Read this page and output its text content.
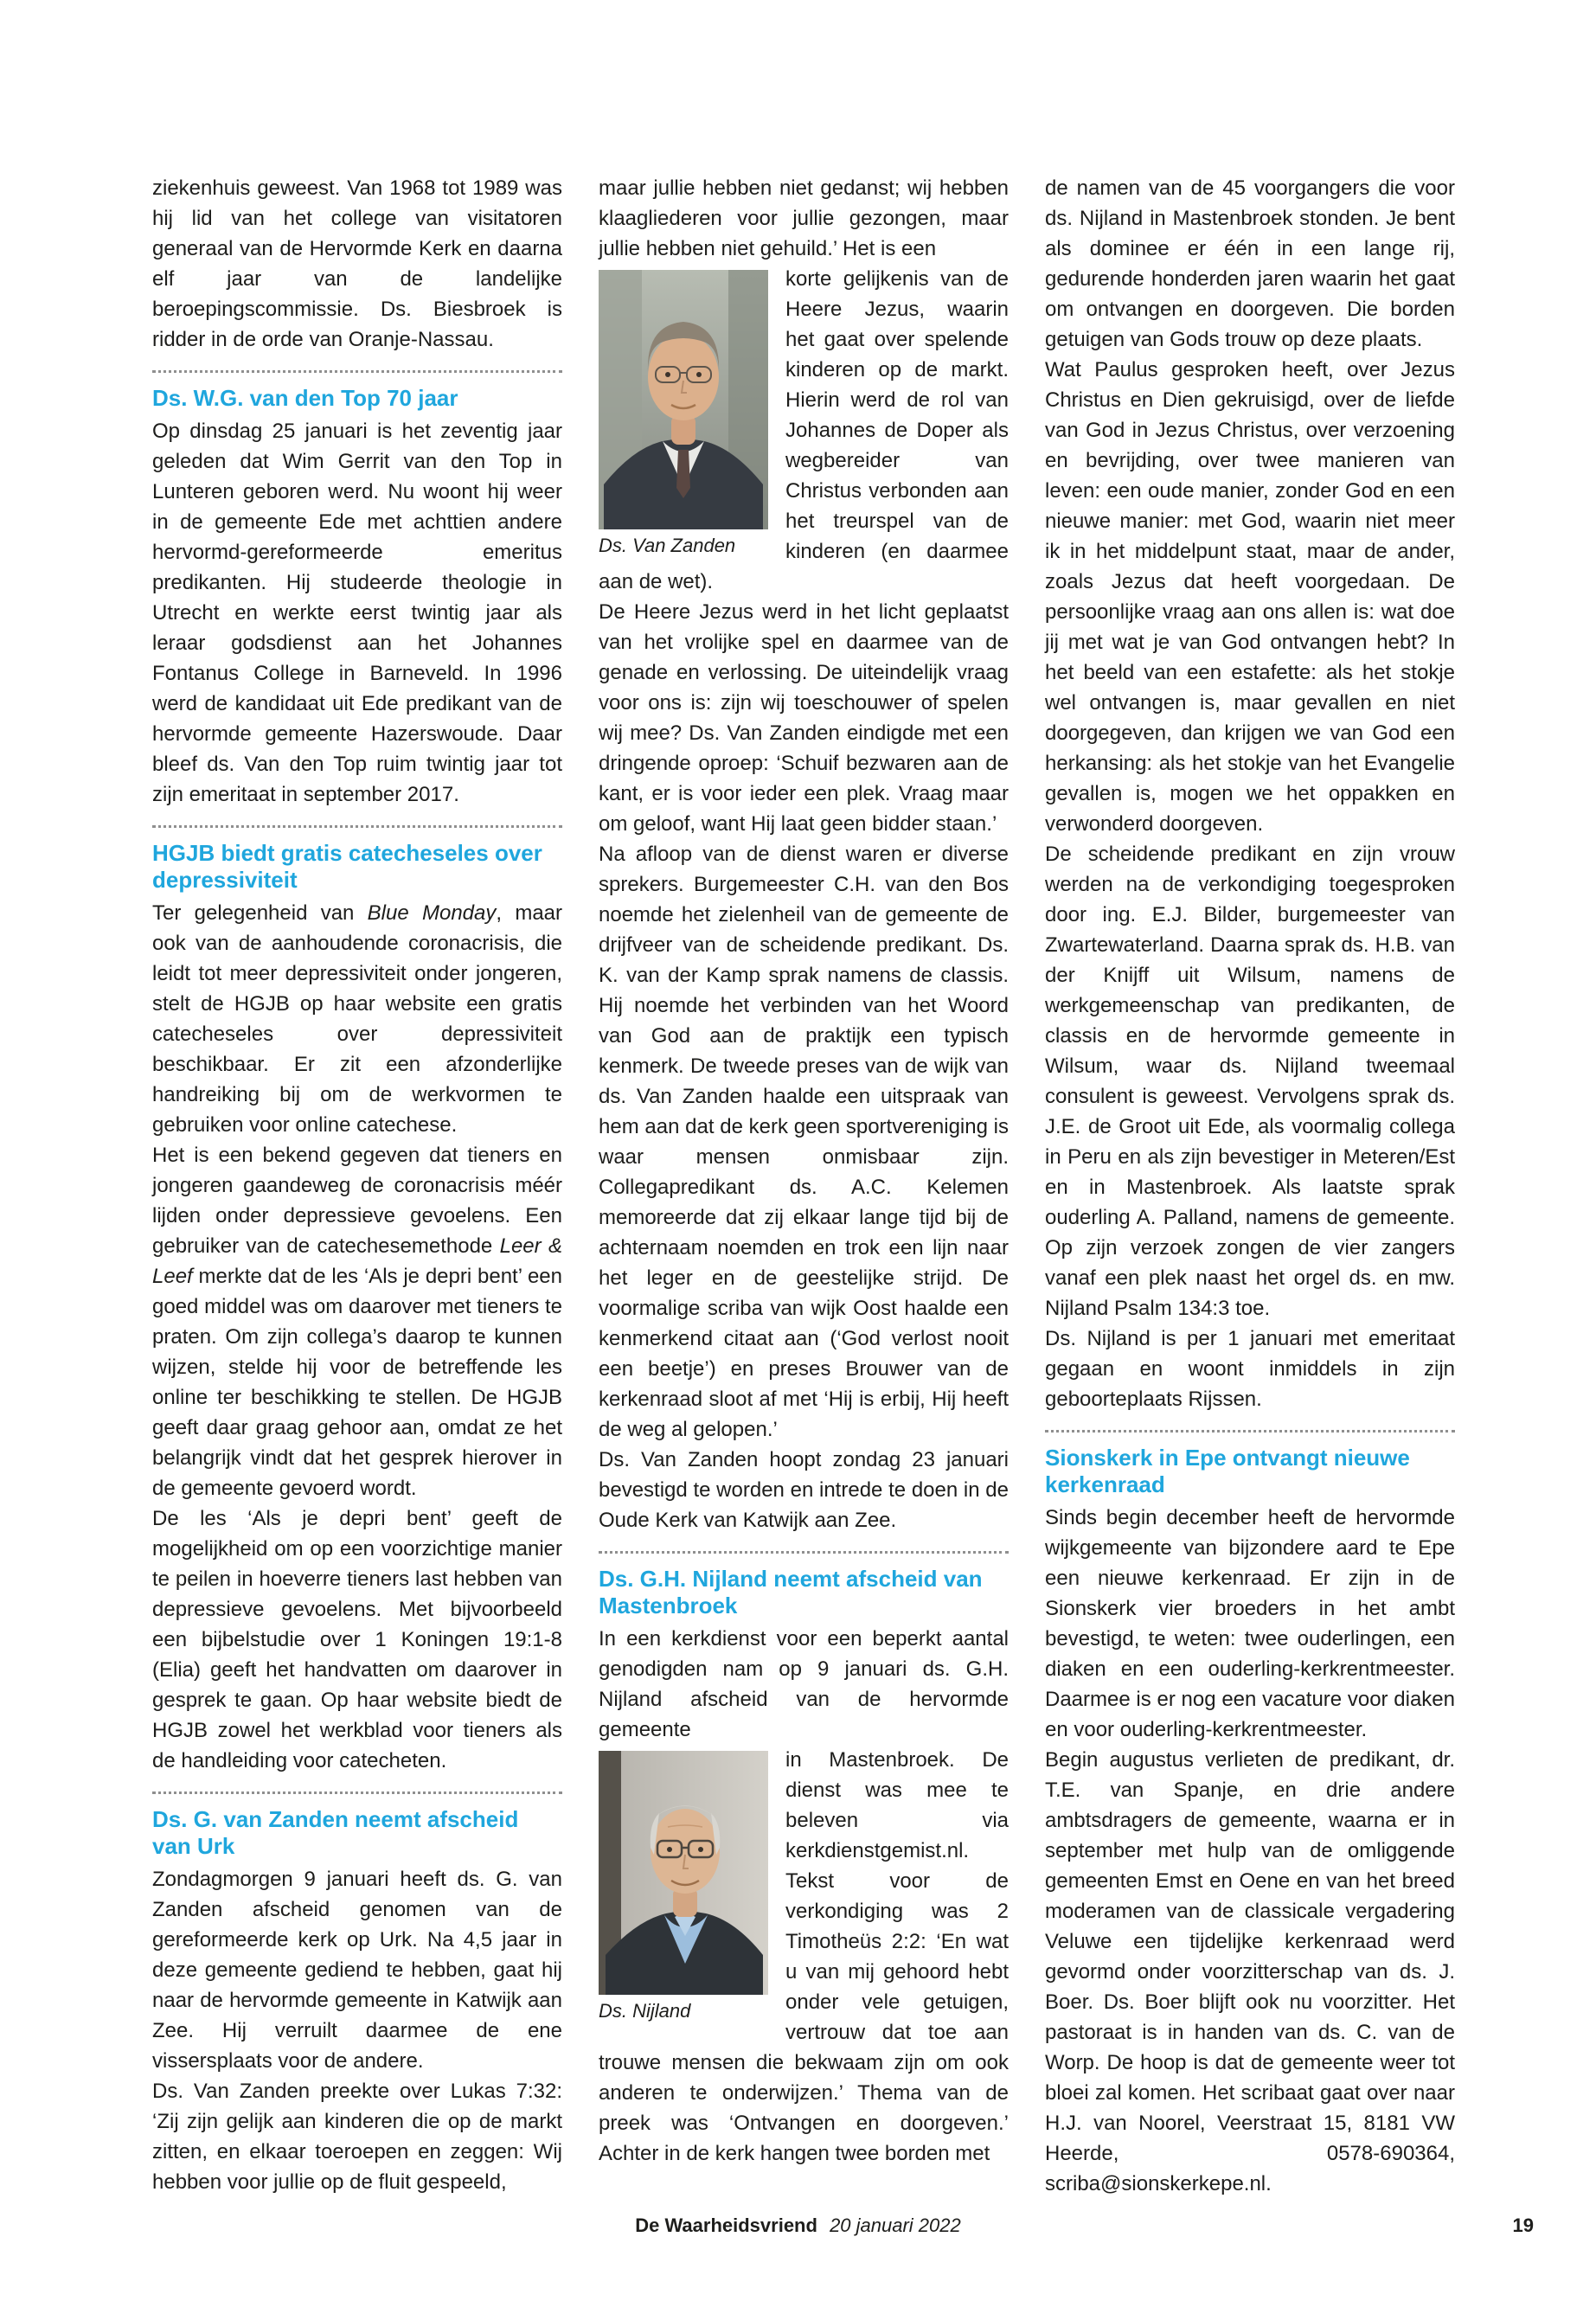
ziekenhuis geweest. Van 1968 tot 1989 was hij lid van het college van visitatoren generaal van de Hervormde Kerk en daarna elf jaar van de landelijke beroepingscommissie. Ds. Biesbroek is ridder in de orde van Oranje-Nassau.

Ds. W.G. van den Top 70 jaar

Op dinsdag 25 januari is het zeventig jaar geleden dat Wim Gerrit van den Top in Lunteren geboren werd. Nu woont hij weer in de gemeente Ede met achttien andere hervormd-gereformeerde emeritus predikanten. Hij studeerde theologie in Utrecht en werkte eerst twintig jaar als leraar godsdienst aan het Johannes Fontanus College in Barneveld. In 1996 werd de kandidaat uit Ede predikant van de hervormde gemeente Hazerswoude. Daar bleef ds. Van den Top ruim twintig jaar tot zijn emeritaat in september 2017.

HGJB biedt gratis catecheseles over depressiviteit

Ter gelegenheid van Blue Monday, maar ook van de aanhoudende coronacrisis, die leidt tot meer depressiviteit onder jongeren, stelt de HGJB op haar website een gratis catecheseles over depressiviteit beschikbaar. Er zit een afzonderlijke handreiking bij om de werkvormen te gebruiken voor online catechese.

Het is een bekend gegeven dat tieners en jongeren gaandeweg de coronacrisis méér lijden onder depressieve gevoelens. Een gebruiker van de catechesemethode Leer & Leef merkte dat de les ‘Als je depri bent’ een goed middel was om daarover met tieners te praten. Om zijn collega’s daarop te kunnen wijzen, stelde hij voor de betreffende les online ter beschikking te stellen. De HGJB geeft daar graag gehoor aan, omdat ze het belangrijk vindt dat het gesprek hierover in de gemeente gevoerd wordt.

De les ‘Als je depri bent’ geeft de mogelijkheid om op een voorzichtige manier te peilen in hoeverre tieners last hebben van depressieve gevoelens. Met bijvoorbeeld een bijbelstudie over 1 Koningen 19:1-8 (Elia) geeft het handvatten om daarover in gesprek te gaan. Op haar website biedt de HGJB zowel het werkblad voor tieners als de handleiding voor catecheten.

Ds. G. van Zanden neemt afscheid van Urk

Zondagmorgen 9 januari heeft ds. G. van Zanden afscheid genomen van de gereformeerde kerk op Urk. Na 4,5 jaar in deze gemeente gediend te hebben, gaat hij naar de hervormde gemeente in Katwijk aan Zee. Hij verruilt daarmee de ene vissersplaats voor de andere.

Ds. Van Zanden preekte over Lukas 7:32: ‘Zij zijn gelijk aan kinderen die op de markt zitten, en elkaar toeroepen en zeggen: Wij hebben voor jullie op de fluit gespeeld,

maar jullie hebben niet gedanst; wij hebben klaagliederen voor jullie gezongen, maar jullie hebben niet gehuild.’ Het is een

Ds. Van Zanden

korte gelijkenis van de Heere Jezus, waarin het gaat over spelende kinderen op de markt. Hierin werd de rol van Johannes de Doper als wegbereider van Christus verbonden aan het treurspel van de kinderen (en daarmee aan de wet).

De Heere Jezus werd in het licht geplaatst van het vrolijke spel en daarmee van de genade en verlossing. De uiteindelijk vraag voor ons is: zijn wij toeschouwer of spelen wij mee? Ds. Van Zanden eindigde met een dringende oproep: ‘Schuif bezwaren aan de kant, er is voor ieder een plek. Vraag maar om geloof, want Hij laat geen bidder staan.’

Na afloop van de dienst waren er diverse sprekers. Burgemeester C.H. van den Bos noemde het zielenheil van de gemeente de drijfveer van de scheidende predikant. Ds. K. van der Kamp sprak namens de classis. Hij noemde het verbinden van het Woord van God aan de praktijk een typisch kenmerk. De tweede preses van de wijk van ds. Van Zanden haalde een uitspraak van hem aan dat de kerk geen sportvereniging is waar mensen onmisbaar zijn. Collegapredikant ds. A.C. Kelemen memoreerde dat zij elkaar lange tijd bij de achternaam noemden en trok een lijn naar het leger en de geestelijke strijd. De voormalige scriba van wijk Oost haalde een kenmerkend citaat aan (‘God verlost nooit een beetje’) en preses Brouwer van de kerkenraad sloot af met ‘Hij is erbij, Hij heeft de weg al gelopen.’

Ds. Van Zanden hoopt zondag 23 januari bevestigd te worden en intrede te doen in de Oude Kerk van Katwijk aan Zee.

Ds. G.H. Nijland neemt afscheid van Mastenbroek

In een kerkdienst voor een beperkt aantal genodigden nam op 9 januari ds. G.H. Nijland afscheid van de hervormde gemeente

Ds. Nijland

in Mastenbroek. De dienst was mee te beleven via kerkdienstgemist.nl. Tekst voor de verkondiging was 2 Timotheüs 2:2: ‘En wat u van mij gehoord hebt onder vele getuigen, vertrouw dat toe aan trouwe mensen die bekwaam zijn om ook anderen te onderwijzen.’ Thema van de preek was ‘Ontvangen en doorgeven.’ Achter in de kerk hangen twee borden met

de namen van de 45 voorgangers die voor ds. Nijland in Mastenbroek stonden. Je bent als dominee er één in een lange rij, gedurende honderden jaren waarin het gaat om ontvangen en doorgeven. Die borden getuigen van Gods trouw op deze plaats.

Wat Paulus gesproken heeft, over Jezus Christus en Dien gekruisigd, over de liefde van God in Jezus Christus, over verzoening en bevrijding, over twee manieren van leven: een oude manier, zonder God en een nieuwe manier: met God, waarin niet meer ik in het middelpunt staat, maar de ander, zoals Jezus dat heeft voorgedaan. De persoonlijke vraag aan ons allen is: wat doe jij met wat je van God ontvangen hebt? In het beeld van een estafette: als het stokje wel ontvangen is, maar gevallen en niet doorgegeven, dan krijgen we van God een herkansing: als het stokje van het Evangelie gevallen is, mogen we het oppakken en verwonderd doorgeven.

De scheidende predikant en zijn vrouw werden na de verkondiging toegesproken door ing. E.J. Bilder, burgemeester van Zwartewaterland. Daarna sprak ds. H.B. van der Knijff uit Wilsum, namens de werkgemeenschap van predikanten, de classis en de hervormde gemeente in Wilsum, waar ds. Nijland tweemaal consulent is geweest. Vervolgens sprak ds. J.E. de Groot uit Ede, als voormalig collega in Peru en als zijn bevestiger in Meteren/Est en in Mastenbroek. Als laatste sprak ouderling A. Palland, namens de gemeente. Op zijn verzoek zongen de vier zangers vanaf een plek naast het orgel ds. en mw. Nijland Psalm 134:3 toe.

Ds. Nijland is per 1 januari met emeritaat gegaan en woont inmiddels in zijn geboorteplaats Rijssen.

Sionskerk in Epe ontvangt nieuwe kerkenraad

Sinds begin december heeft de hervormde wijkgemeente van bijzondere aard te Epe een nieuwe kerkenraad. Er zijn in de Sionskerk vier broeders in het ambt bevestigd, te weten: twee ouderlingen, een diaken en een ouderling-kerkrentmeester. Daarmee is er nog een vacature voor diaken en voor ouderling-kerkrentmeester.

Begin augustus verlieten de predikant, dr. T.E. van Spanje, en drie andere ambtsdragers de gemeente, waarna er in september met hulp van de omliggende gemeenten Emst en Oene en van het breed moderamen van de classicale vergadering Veluwe een tijdelijke kerkenraad werd gevormd onder voorzitterschap van ds. J. Boer. Ds. Boer blijft ook nu voorzitter. Het pastoraat is in handen van ds. C. van de Worp. De hoop is dat de gemeente weer tot bloei zal komen. Het scribaat gaat over naar H.J. van Noorel, Veerstraat 15, 8181 VW Heerde, 0578-690364, scriba@sionskerkepe.nl.

De Waarheidsvriend 20 januari 2022	19
